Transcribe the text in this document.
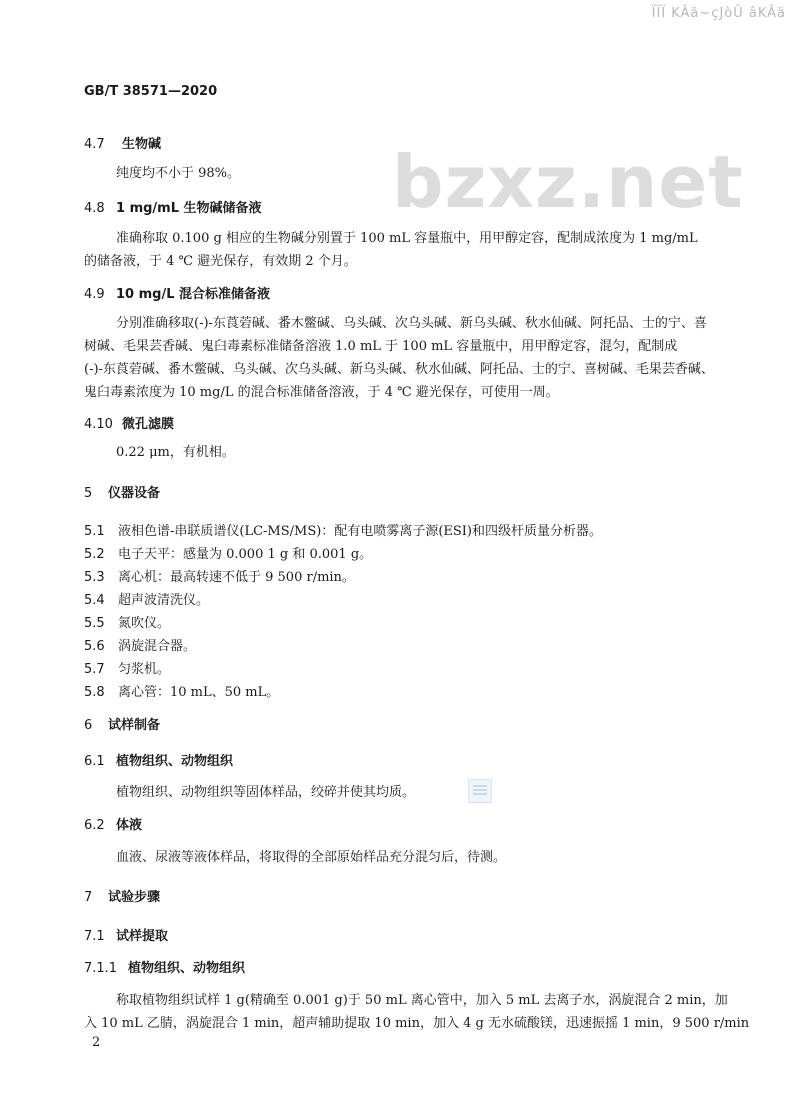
ÏÏÏ KÂä~çJòÜ âKÂä
GB/T 38571—2020
bzxz.net
4.7 生物碱
纯度均不小于 98%。
4.8 1 mg/mL 生物碱储备液
准确称取 0.100 g 相应的生物碱分别置于 100 mL 容量瓶中，用甲醇定容，配制成浓度为 1 mg/mL
的储备液，于 4 ℃ 避光保存，有效期 2 个月。
4.9 10 mg/L 混合标准储备液
分别准确移取(-)-东莨菪碱、番木鳖碱、乌头碱、次乌头碱、新乌头碱、秋水仙碱、阿托品、士的宁、喜
树碱、毛果芸香碱、鬼臼毒素标准储备溶液 1.0 mL 于 100 mL 容量瓶中，用甲醇定容，混匀，配制成
(-)-东莨菪碱、番木鳖碱、乌头碱、次乌头碱、新乌头碱、秋水仙碱、阿托品、士的宁、喜树碱、毛果芸香碱、
鬼臼毒素浓度为 10 mg/L 的混合标准储备溶液，于 4 ℃ 避光保存，可使用一周。
4.10 微孔滤膜
0.22 μm，有机相。
5 仪器设备
5.1 液相色谱-串联质谱仪(LC-MS/MS)：配有电喷雾离子源(ESI)和四级杆质量分析器。
5.2 电子天平：感量为 0.000 1 g 和 0.001 g。
5.3 离心机：最高转速不低于 9 500 r/min。
5.4 超声波清洗仪。
5.5 氮吹仪。
5.6 涡旋混合器。
5.7 匀浆机。
5.8 离心管：10 mL、50 mL。
6 试样制备
6.1 植物组织、动物组织
植物组织、动物组织等固体样品，绞碎并使其均质。
6.2 体液
血液、尿液等液体样品，将取得的全部原始样品充分混匀后，待测。
7 试验步骤
7.1 试样提取
7.1.1 植物组织、动物组织
称取植物组织试样 1 g(精确至 0.001 g)于 50 mL 离心管中，加入 5 mL 去离子水，涡旋混合 2 min，加
入 10 mL 乙腈，涡旋混合 1 min，超声辅助提取 10 min，加入 4 g 无水硫酸镁，迅速振摇 1 min，9 500 r/min
2
